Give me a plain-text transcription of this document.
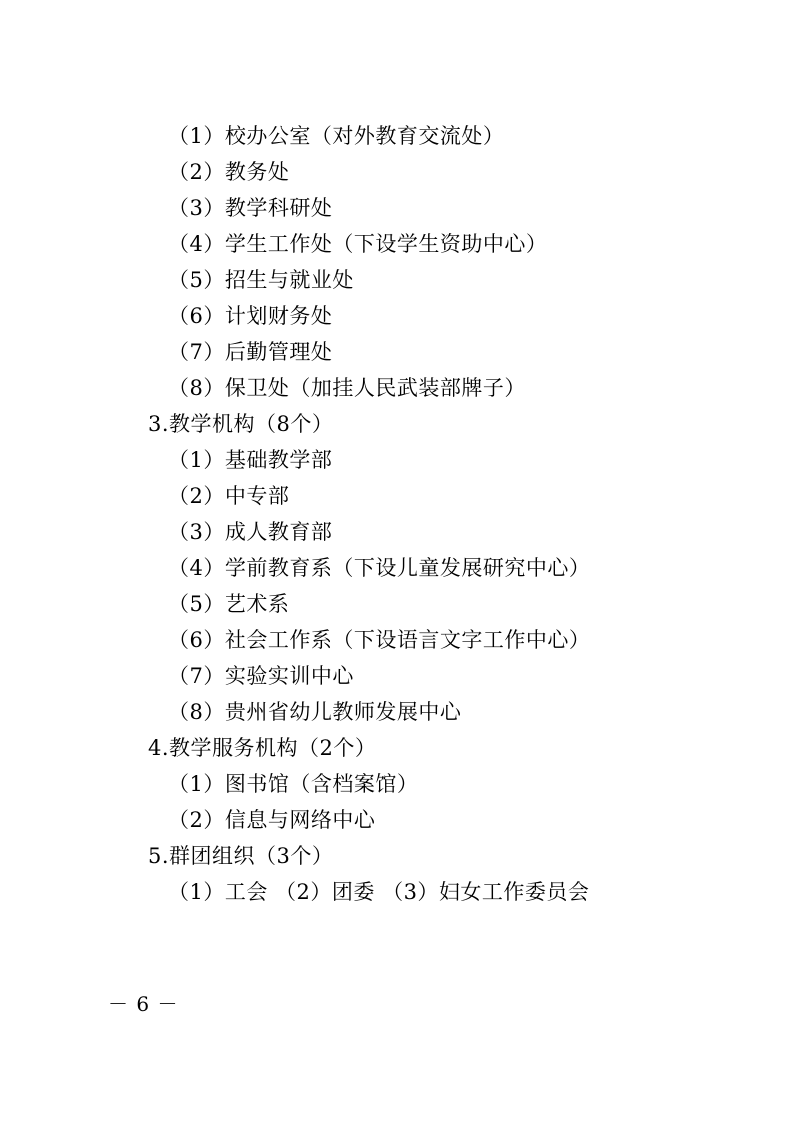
（1）校办公室（对外教育交流处）
（2）教务处
（3）教学科研处
（4）学生工作处（下设学生资助中心）
（5）招生与就业处
（6）计划财务处
（7）后勤管理处
（8）保卫处（加挂人民武装部牌子）
3.教学机构（8个）
（1）基础教学部
（2）中专部
（3）成人教育部
（4）学前教育系（下设儿童发展研究中心）
（5）艺术系
（6）社会工作系（下设语言文字工作中心）
（7）实验实训中心
（8）贵州省幼儿教师发展中心
4.教学服务机构（2个）
（1）图书馆（含档案馆）
（2）信息与网络中心
5.群团组织（3个）
（1）工会 （2）团委 （3）妇女工作委员会
－ 6 －
